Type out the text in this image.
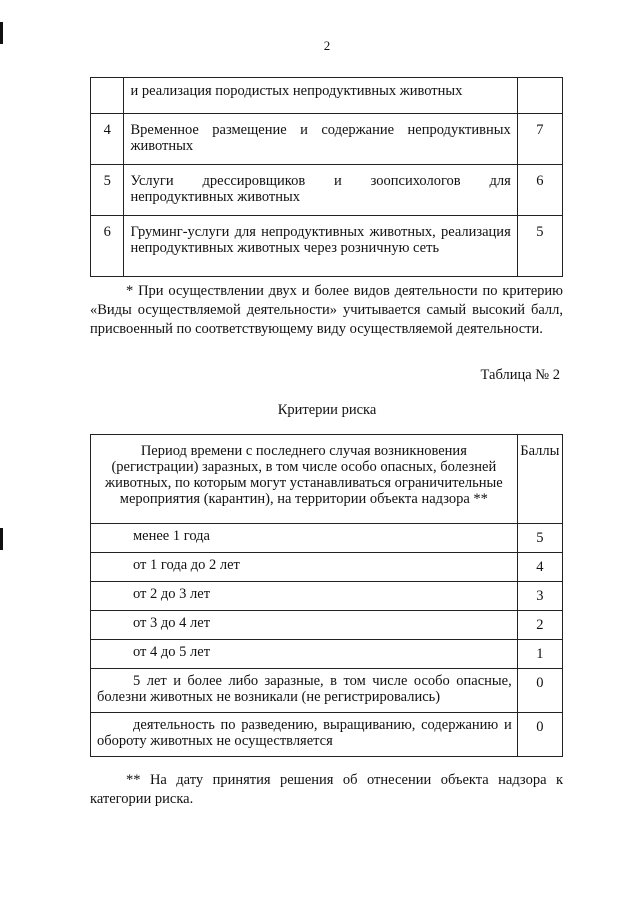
2
	и реализация породистых непродуктивных животных	
4	Временное размещение и содержание непродуктивных животных	7
5	Услуги дрессировщиков и зоопсихологов для непродуктивных животных	6
6	Груминг-услуги для непродуктивных животных, реализация непродуктивных животных через розничную сеть	5
* При осуществлении двух и более видов деятельности по критерию «Виды осуществляемой деятельности» учитывается самый высокий балл, присвоенный по соответствующему виду осуществляемой деятельности.
Таблица № 2
Критерии риска
Период времени с последнего случая возникновения (регистрации) заразных, в том числе особо опасных, болезней животных, по которым могут устанавливаться ограничительные мероприятия (карантин), на территории объекта надзора **	Баллы
менее 1 года	5
от 1 года до 2 лет	4
от 2 до 3 лет	3
от 3 до 4 лет	2
от 4 до 5 лет	1
5 лет и более либо заразные, в том числе особо опасные, болезни животных не возникали (не регистрировались)	0
деятельность по разведению, выращиванию, содержанию и обороту животных не осуществляется	0
** На дату принятия решения об отнесении объекта надзора к категории риска.
